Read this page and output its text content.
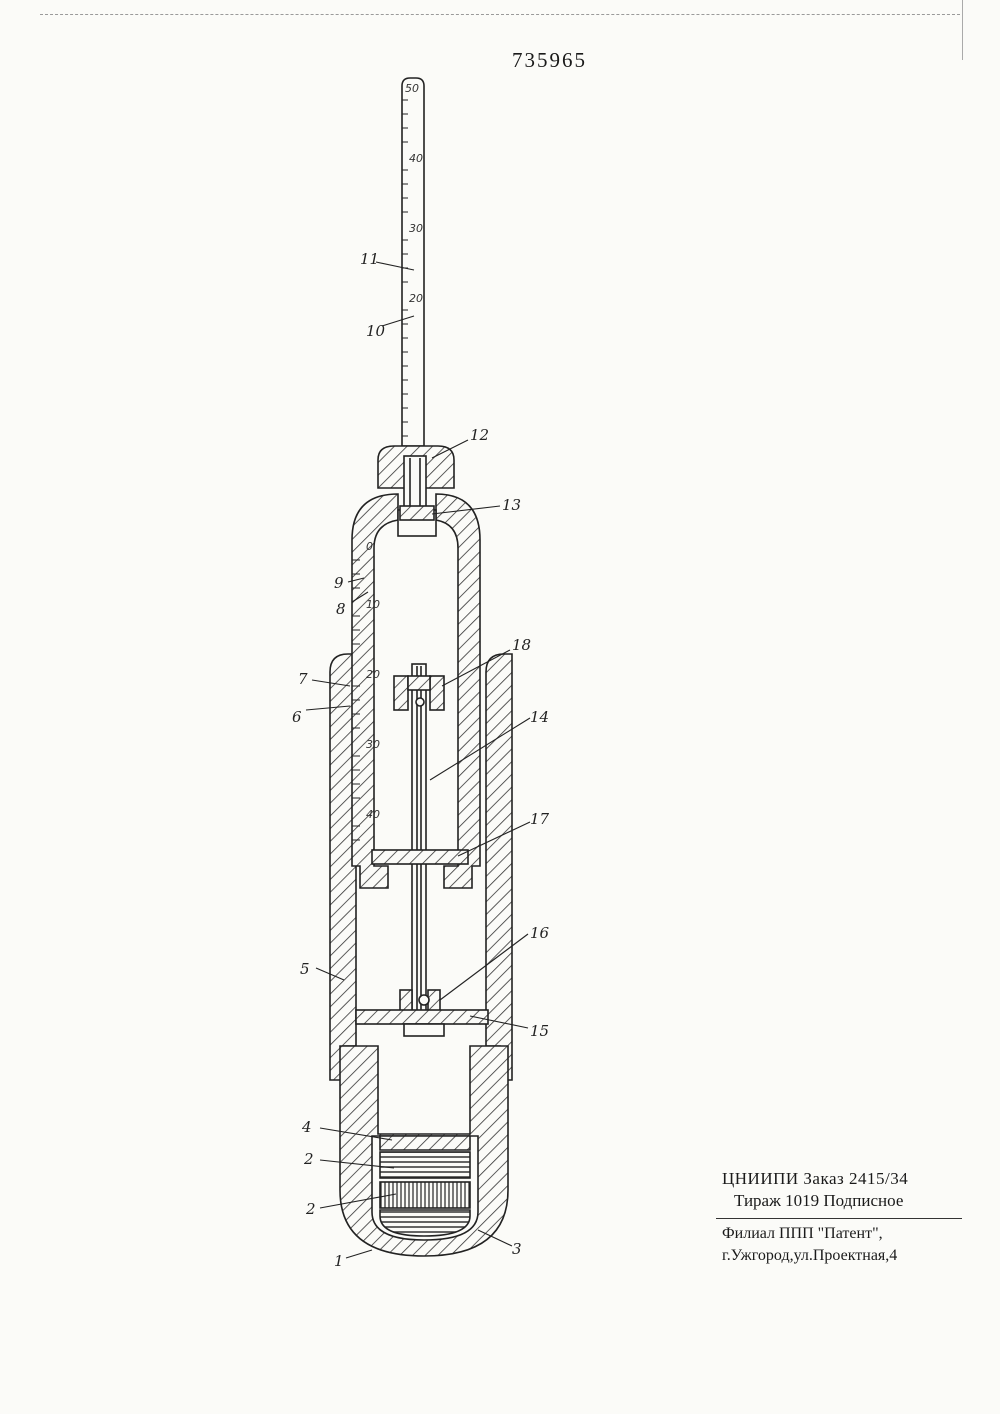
735965
50
40
30
20
0
10
20
30
40
11
10
12
13
9
8
18
7
6	14
17
16
5
15
4
2
2
1
3
ЦНИИПИ Заказ 2415/34
Тираж 1019 Подписное
Филиал ППП "Патент",
г.Ужгород,ул.Проектная,4
